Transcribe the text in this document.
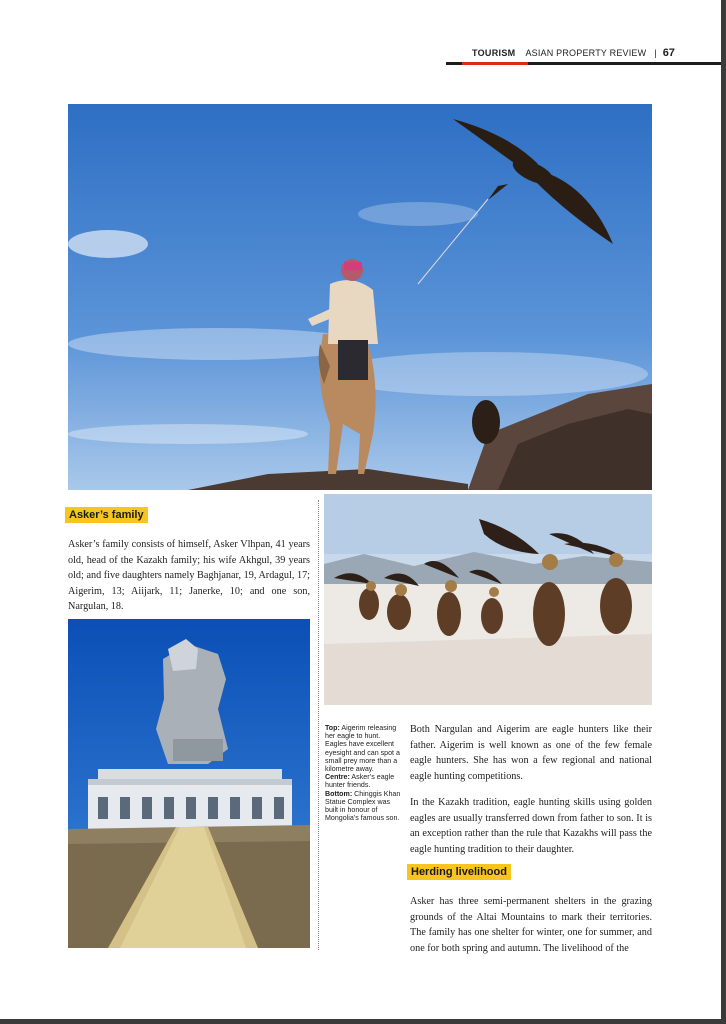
TOURISM ASIAN PROPERTY REVIEW | 67
Asker’s family

Asker’s family consists of himself, Asker Vlhpan, 41 years old, head of the Kazakh family; his wife Akhgul, 39 years old; and five daughters namely Baghjanar, 19, Ardagul, 17; Aigerim, 13; Aiijark, 11; Janerke, 10; and one son, Nargulan, 18.

Top: Aigerim releasing her eagle to hunt. Eagles have excellent eyesight and can spot a small prey more than a kilometre away.
Centre: Asker’s eagle hunter friends.
Bottom: Chinggis Khan Statue Complex was built in honour of Mongolia’s famous son.

Both Nargulan and Aigerim are eagle hunters like their father. Aigerim is well known as one of the few female eagle hunters. She has won a few regional and national eagle hunting competitions.

In the Kazakh tradition, eagle hunting skills using golden eagles are usually transferred down from father to son. It is an exception rather than the rule that Kazakhs will pass the eagle hunting tradition to their daughter.

Herding livelihood

Asker has three semi-permanent shelters in the grazing grounds of the Altai Mountains to mark their territories. The family has one shelter for winter, one for summer, and one for both spring and autumn. The livelihood of the
